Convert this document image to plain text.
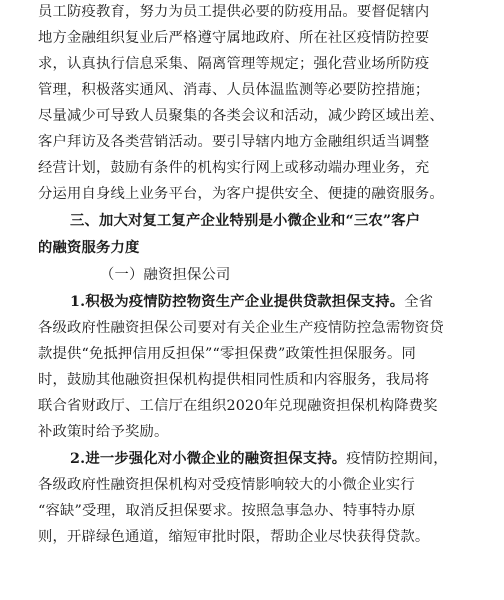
员工防疫教育，努力为员工提供必要的防疫用品。要督促辖内
地方金融组织复业后严格遵守属地政府、所在社区疫情防控要
求，认真执行信息采集、隔离管理等规定；强化营业场所防疫
管理，积极落实通风、消毒、人员体温监测等必要防控措施；
尽量减少可导致人员聚集的各类会议和活动，减少跨区域出差、
客户拜访及各类营销活动。要引导辖内地方金融组织适当调整
经营计划，鼓励有条件的机构实行网上或移动端办理业务，充
分运用自身线上业务平台，为客户提供安全、便捷的融资服务。
三、加大对复工复产企业特别是小微企业和“三农”客户
的融资服务力度
（一）融资担保公司
1.积极为疫情防控物资生产企业提供贷款担保支持。全省
各级政府性融资担保公司要对有关企业生产疫情防控急需物资贷
款提供“免抵押信用反担保”“零担保费”政策性担保服务。同
时，鼓励其他融资担保机构提供相同性质和内容服务，我局将
联合省财政厅、工信厅在组织2020年兑现融资担保机构降费奖
补政策时给予奖励。
2.进一步强化对小微企业的融资担保支持。疫情防控期间，
各级政府性融资担保机构对受疫情影响较大的小微企业实行
“容缺”受理，取消反担保要求。按照急事急办、特事特办原
则，开辟绿色通道，缩短审批时限，帮助企业尽快获得贷款。
